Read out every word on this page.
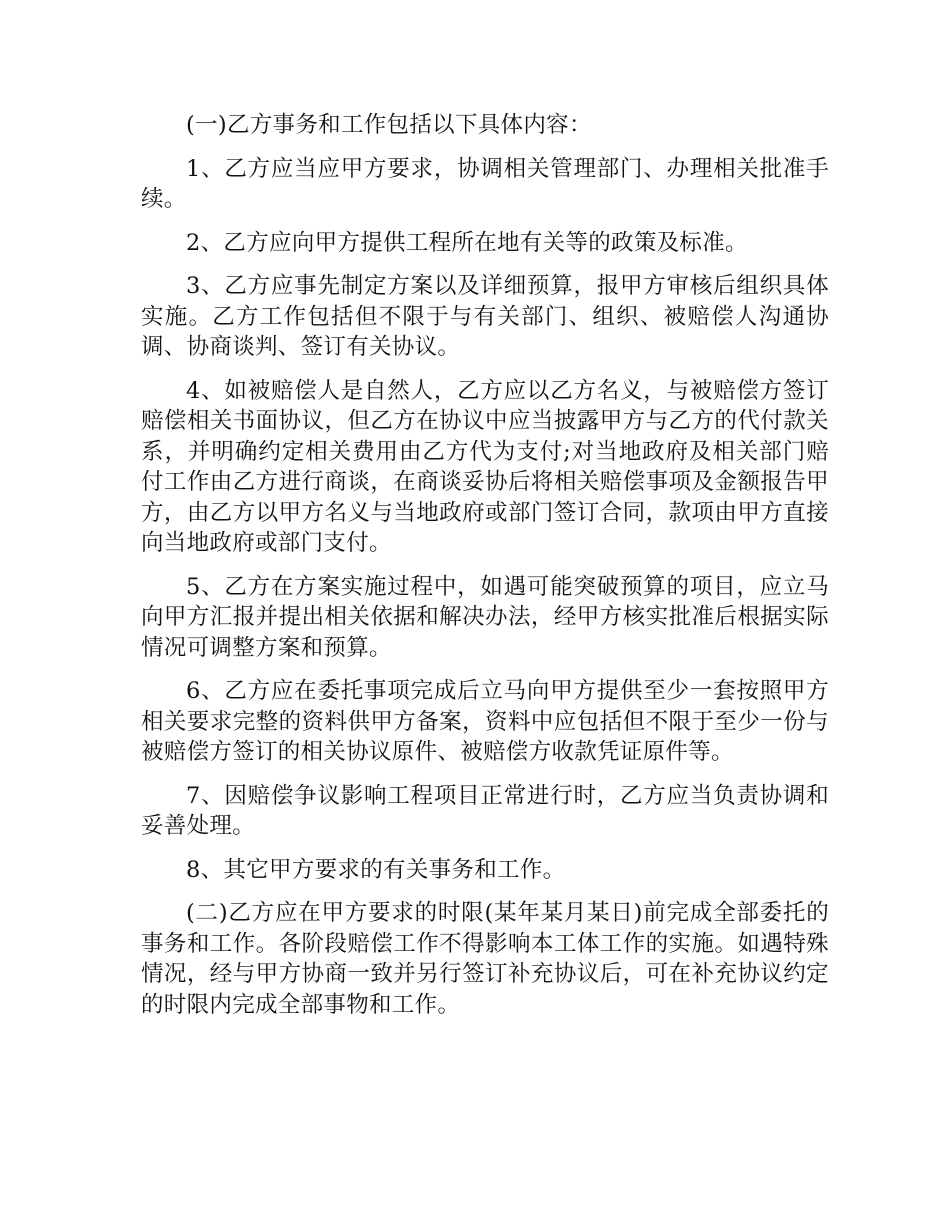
(一)乙方事务和工作包括以下具体内容：

1、乙方应当应甲方要求，协调相关管理部门、办理相关批准手续。

2、乙方应向甲方提供工程所在地有关等的政策及标准。

3、乙方应事先制定方案以及详细预算，报甲方审核后组织具体实施。乙方工作包括但不限于与有关部门、组织、被赔偿人沟通协调、协商谈判、签订有关协议。

4、如被赔偿人是自然人，乙方应以乙方名义，与被赔偿方签订赔偿相关书面协议，但乙方在协议中应当披露甲方与乙方的代付款关系，并明确约定相关费用由乙方代为支付;对当地政府及相关部门赔付工作由乙方进行商谈，在商谈妥协后将相关赔偿事项及金额报告甲方，由乙方以甲方名义与当地政府或部门签订合同，款项由甲方直接向当地政府或部门支付。

5、乙方在方案实施过程中，如遇可能突破预算的项目，应立马向甲方汇报并提出相关依据和解决办法，经甲方核实批准后根据实际情况可调整方案和预算。

6、乙方应在委托事项完成后立马向甲方提供至少一套按照甲方相关要求完整的资料供甲方备案，资料中应包括但不限于至少一份与被赔偿方签订的相关协议原件、被赔偿方收款凭证原件等。

7、因赔偿争议影响工程项目正常进行时，乙方应当负责协调和妥善处理。

8、其它甲方要求的有关事务和工作。

(二)乙方应在甲方要求的时限(某年某月某日)前完成全部委托的事务和工作。各阶段赔偿工作不得影响本工体工作的实施。如遇特殊情况，经与甲方协商一致并另行签订补充协议后，可在补充协议约定的时限内完成全部事物和工作。
